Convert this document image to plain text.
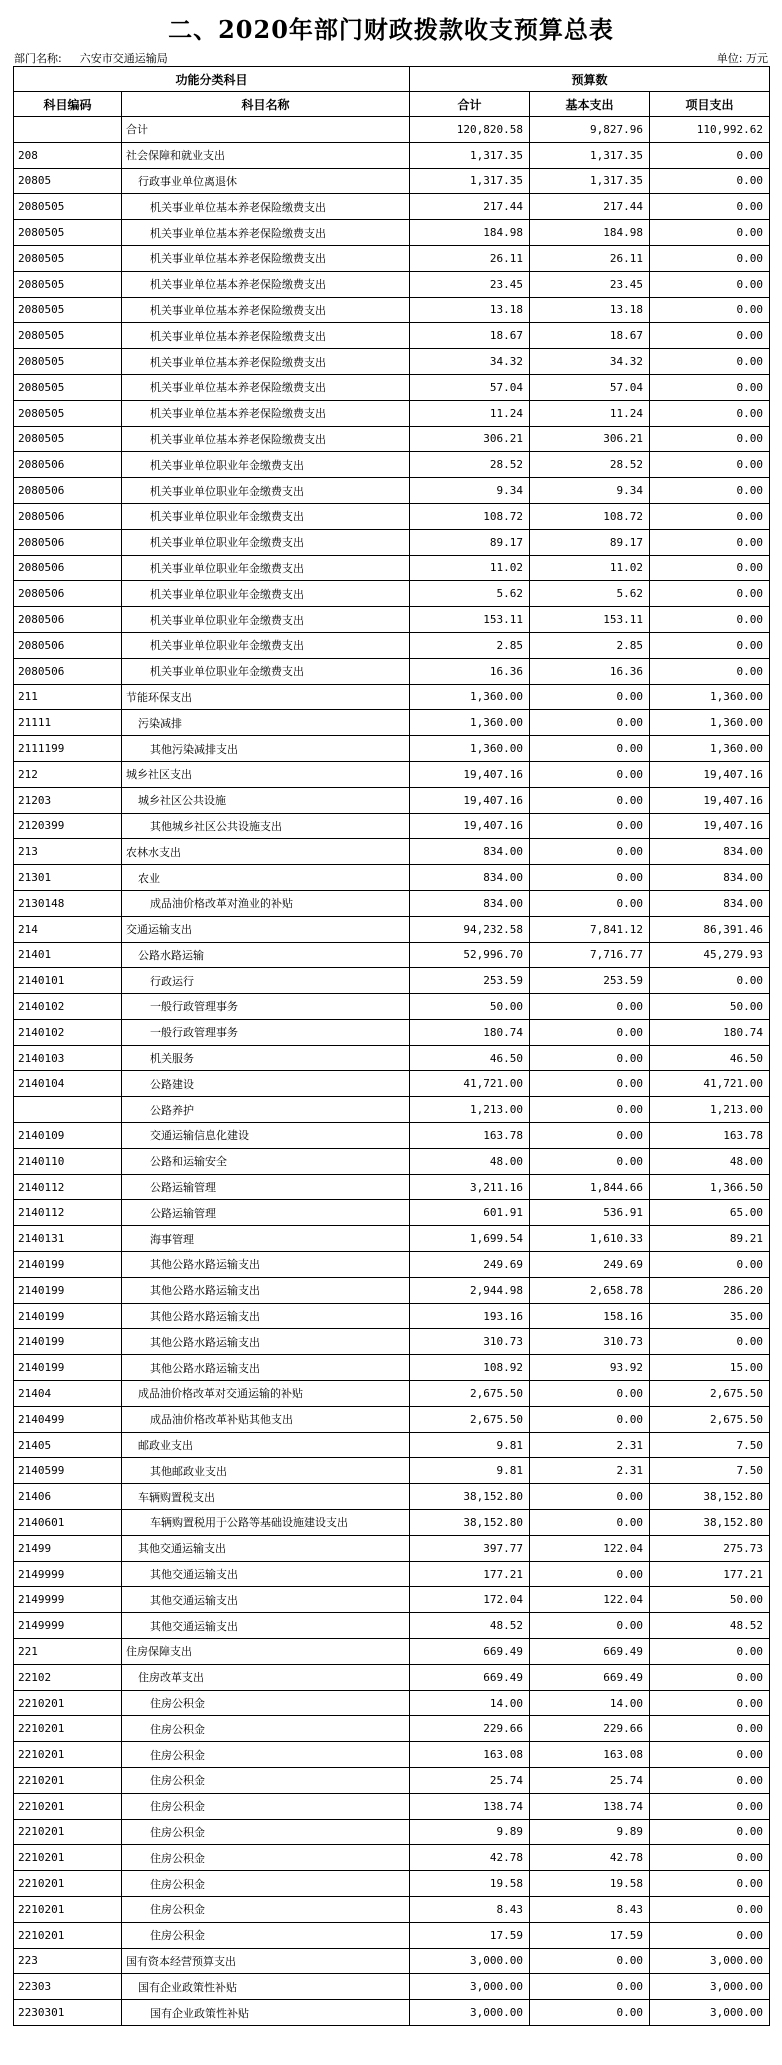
二、2020年部门财政拨款收支预算总表
部门名称: 六安市交通运输局	单位: 万元
功能分类科目		预算数		
科目编码	科目名称	合计	基本支出	项目支出
	合计	120,820.58	9,827.96	110,992.62
208	社会保障和就业支出	1,317.35	1,317.35	0.00
20805	行政事业单位离退休	1,317.35	1,317.35	0.00
2080505	机关事业单位基本养老保险缴费支出	217.44	217.44	0.00
2080505	机关事业单位基本养老保险缴费支出	184.98	184.98	0.00
2080505	机关事业单位基本养老保险缴费支出	26.11	26.11	0.00
2080505	机关事业单位基本养老保险缴费支出	23.45	23.45	0.00
2080505	机关事业单位基本养老保险缴费支出	13.18	13.18	0.00
2080505	机关事业单位基本养老保险缴费支出	18.67	18.67	0.00
2080505	机关事业单位基本养老保险缴费支出	34.32	34.32	0.00
2080505	机关事业单位基本养老保险缴费支出	57.04	57.04	0.00
2080505	机关事业单位基本养老保险缴费支出	11.24	11.24	0.00
2080505	机关事业单位基本养老保险缴费支出	306.21	306.21	0.00
2080506	机关事业单位职业年金缴费支出	28.52	28.52	0.00
2080506	机关事业单位职业年金缴费支出	9.34	9.34	0.00
2080506	机关事业单位职业年金缴费支出	108.72	108.72	0.00
2080506	机关事业单位职业年金缴费支出	89.17	89.17	0.00
2080506	机关事业单位职业年金缴费支出	11.02	11.02	0.00
2080506	机关事业单位职业年金缴费支出	5.62	5.62	0.00
2080506	机关事业单位职业年金缴费支出	153.11	153.11	0.00
2080506	机关事业单位职业年金缴费支出	2.85	2.85	0.00
2080506	机关事业单位职业年金缴费支出	16.36	16.36	0.00
211	节能环保支出	1,360.00	0.00	1,360.00
21111	污染减排	1,360.00	0.00	1,360.00
2111199	其他污染减排支出	1,360.00	0.00	1,360.00
212	城乡社区支出	19,407.16	0.00	19,407.16
21203	城乡社区公共设施	19,407.16	0.00	19,407.16
2120399	其他城乡社区公共设施支出	19,407.16	0.00	19,407.16
213	农林水支出	834.00	0.00	834.00
21301	农业	834.00	0.00	834.00
2130148	成品油价格改革对渔业的补贴	834.00	0.00	834.00
214	交通运输支出	94,232.58	7,841.12	86,391.46
21401	公路水路运输	52,996.70	7,716.77	45,279.93
2140101	行政运行	253.59	253.59	0.00
2140102	一般行政管理事务	50.00	0.00	50.00
2140102	一般行政管理事务	180.74	0.00	180.74
2140103	机关服务	46.50	0.00	46.50
2140104	公路建设	41,721.00	0.00	41,721.00
	公路养护	1,213.00	0.00	1,213.00
2140109	交通运输信息化建设	163.78	0.00	163.78
2140110	公路和运输安全	48.00	0.00	48.00
2140112	公路运输管理	3,211.16	1,844.66	1,366.50
2140112	公路运输管理	601.91	536.91	65.00
2140131	海事管理	1,699.54	1,610.33	89.21
2140199	其他公路水路运输支出	249.69	249.69	0.00
2140199	其他公路水路运输支出	2,944.98	2,658.78	286.20
2140199	其他公路水路运输支出	193.16	158.16	35.00
2140199	其他公路水路运输支出	310.73	310.73	0.00
2140199	其他公路水路运输支出	108.92	93.92	15.00
21404	成品油价格改革对交通运输的补贴	2,675.50	0.00	2,675.50
2140499	成品油价格改革补贴其他支出	2,675.50	0.00	2,675.50
21405	邮政业支出	9.81	2.31	7.50
2140599	其他邮政业支出	9.81	2.31	7.50
21406	车辆购置税支出	38,152.80	0.00	38,152.80
2140601	车辆购置税用于公路等基础设施建设支出	38,152.80	0.00	38,152.80
21499	其他交通运输支出	397.77	122.04	275.73
2149999	其他交通运输支出	177.21	0.00	177.21
2149999	其他交通运输支出	172.04	122.04	50.00
2149999	其他交通运输支出	48.52	0.00	48.52
221	住房保障支出	669.49	669.49	0.00
22102	住房改革支出	669.49	669.49	0.00
2210201	住房公积金	14.00	14.00	0.00
2210201	住房公积金	229.66	229.66	0.00
2210201	住房公积金	163.08	163.08	0.00
2210201	住房公积金	25.74	25.74	0.00
2210201	住房公积金	138.74	138.74	0.00
2210201	住房公积金	9.89	9.89	0.00
2210201	住房公积金	42.78	42.78	0.00
2210201	住房公积金	19.58	19.58	0.00
2210201	住房公积金	8.43	8.43	0.00
2210201	住房公积金	17.59	17.59	0.00
223	国有资本经营预算支出	3,000.00	0.00	3,000.00
22303	国有企业政策性补贴	3,000.00	0.00	3,000.00
2230301	国有企业政策性补贴	3,000.00	0.00	3,000.00
